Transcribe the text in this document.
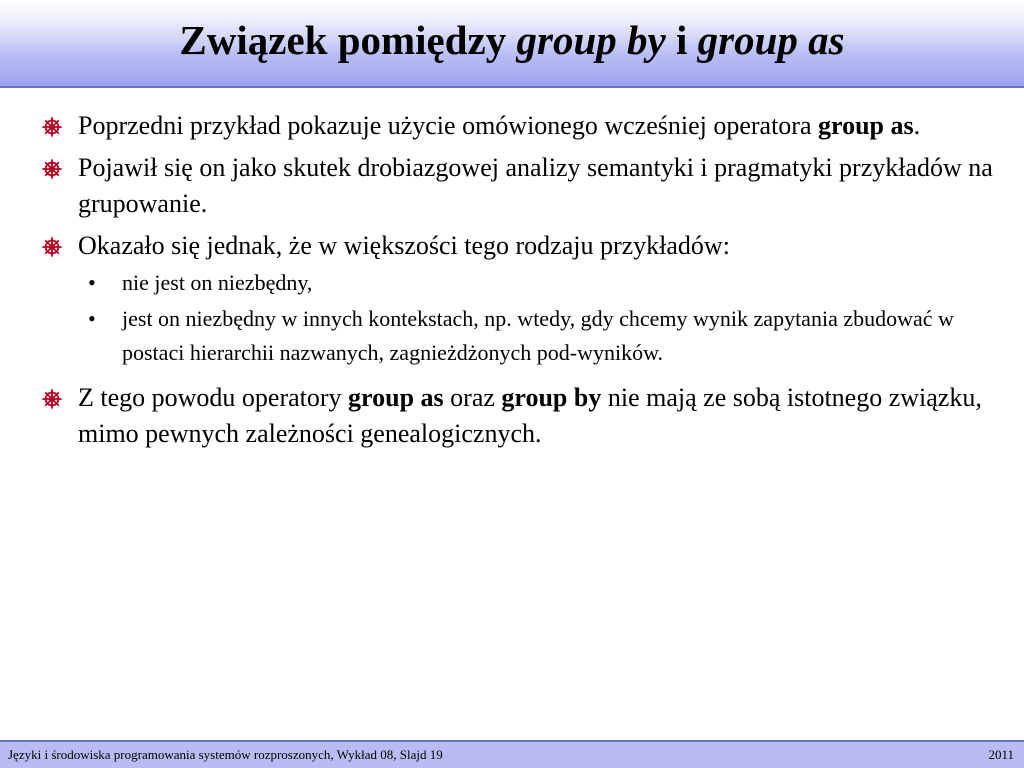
Związek pomiędzy group by i group as
Poprzedni przykład pokazuje użycie omówionego wcześniej operatora group as.
Pojawił się on jako skutek drobiazgowej analizy semantyki i pragmatyki przykładów na grupowanie.
Okazało się jednak, że w większości tego rodzaju przykładów:
• nie jest on niezbędny,
• jest on niezbędny w innych kontekstach, np. wtedy, gdy chcemy wynik zapytania zbudować w postaci hierarchii nazwanych, zagnieżdżonych pod-wyników.
Z tego powodu operatory group as oraz group by nie mają ze sobą istotnego związku, mimo pewnych zależności genealogicznych.
Języki i środowiska programowania systemów rozproszonych, Wykład 08, Slajd 19	2011
